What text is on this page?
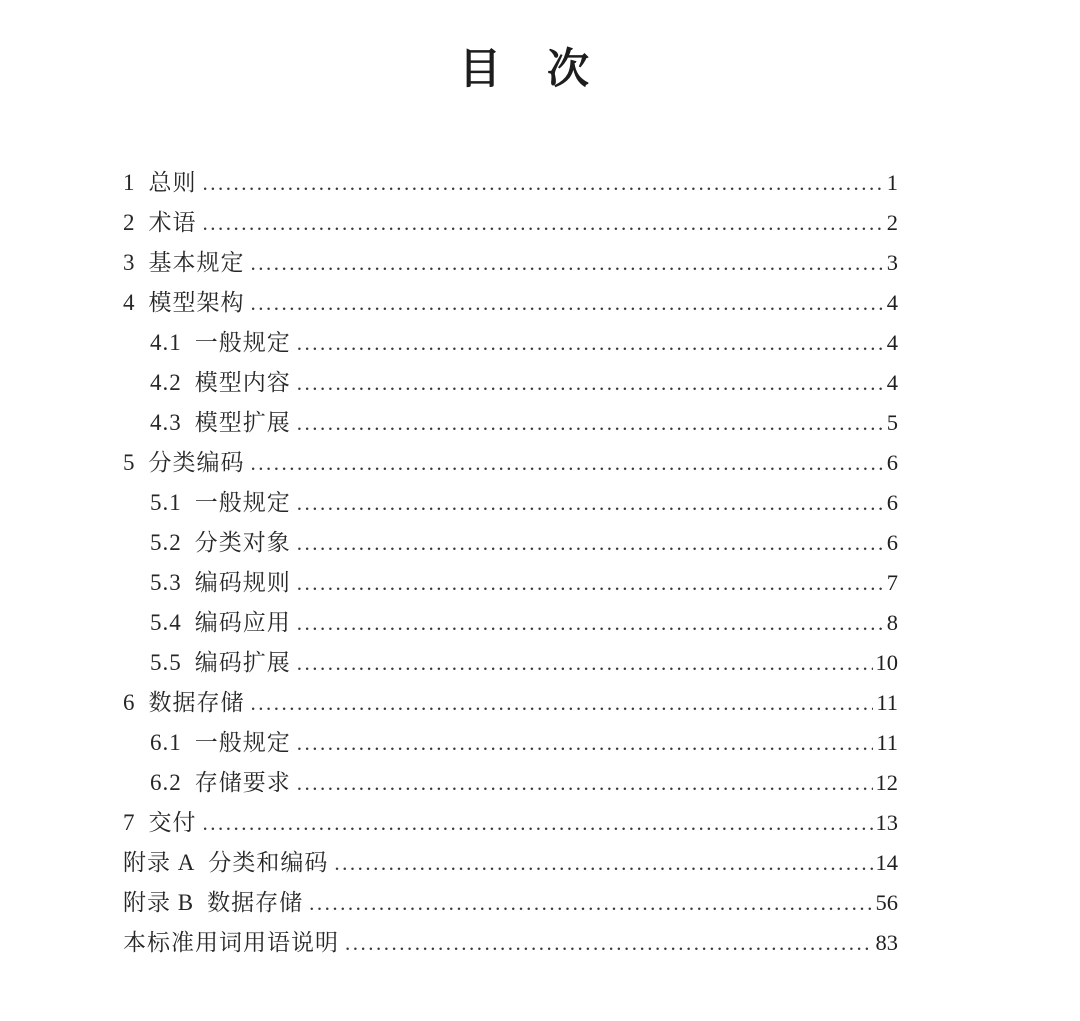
目　次
1 总则 .....	1
2 术语 .....	2
3 基本规定 .....	3
4 模型架构 .....	4
4.1 一般规定 .....	4
4.2 模型内容 .....	4
4.3 模型扩展 .....	5
5 分类编码 .....	6
5.1 一般规定 .....	6
5.2 分类对象 .....	6
5.3 编码规则 .....	7
5.4 编码应用 .....	8
5.5 编码扩展 .....	10
6 数据存储 .....	11
6.1 一般规定 .....	11
6.2 存储要求 .....	12
7 交付 .....	13
附录 A 分类和编码 .....	14
附录 B 数据存储 .....	56
本标准用词用语说明 .....	83
